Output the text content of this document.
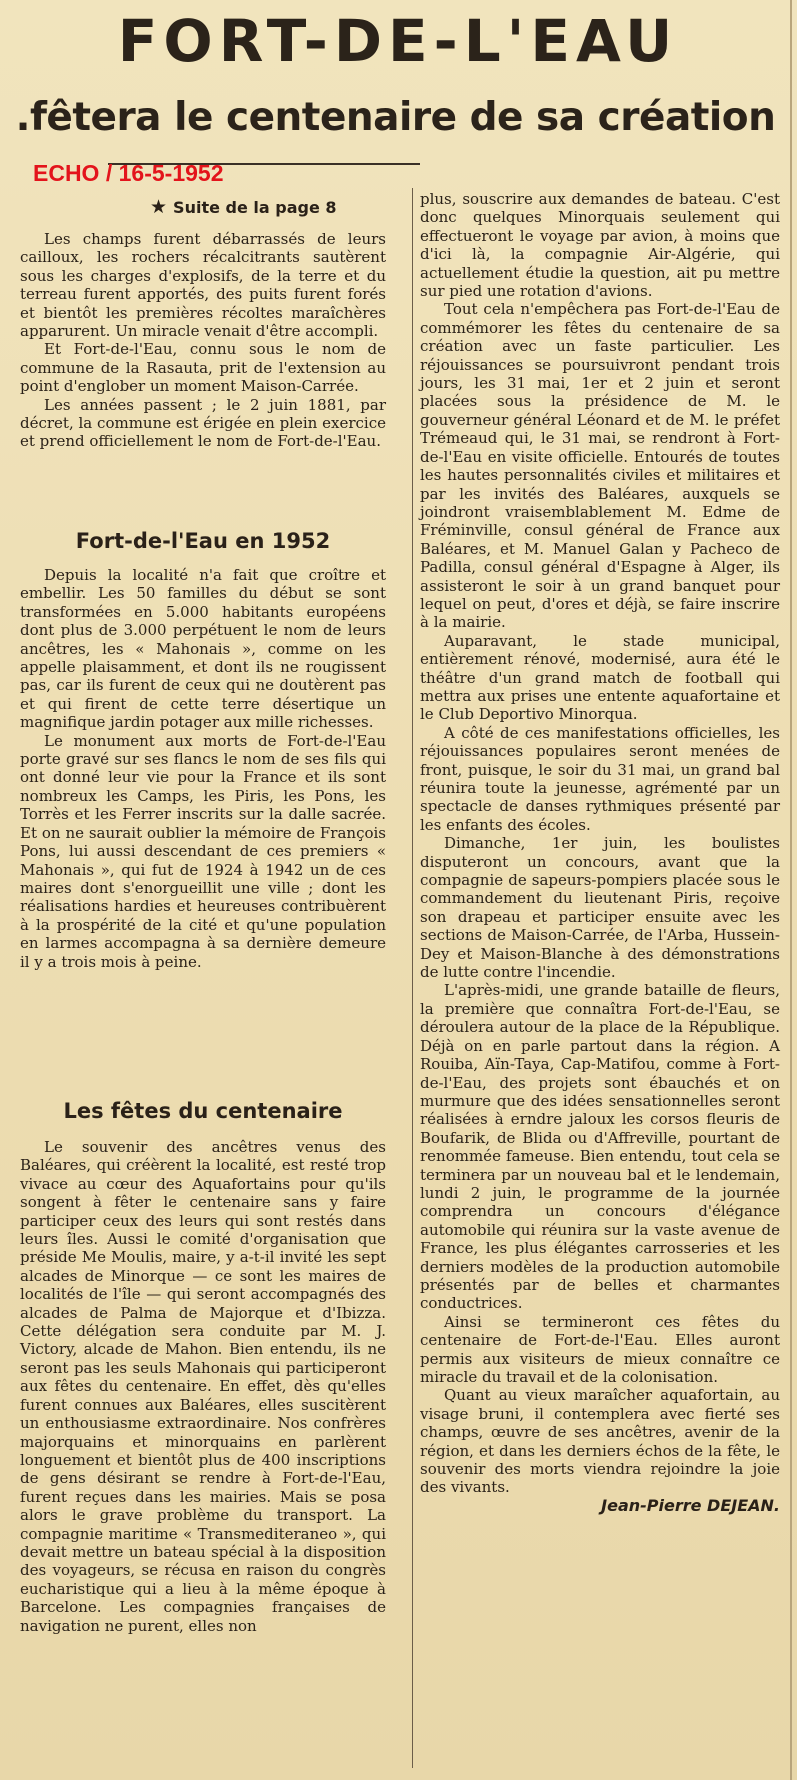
FORT-DE-L'EAU
.fêtera le centenaire de sa création
ECHO / 16-5-1952
★ Suite de la page 8

Les champs furent débarrassés de leurs cailloux, les rochers récalcitrants sautèrent sous les charges d'explosifs, de la terre et du terreau furent apportés, des puits furent forés et bientôt les premières récoltes maraîchères apparurent. Un miracle venait d'être accompli.

Et Fort-de-l'Eau, connu sous le nom de commune de la Rasauta, prit de l'extension au point d'englober un moment Maison-Carrée.

Les années passent ; le 2 juin 1881, par décret, la commune est érigée en plein exercice et prend officiellement le nom de Fort-de-l'Eau.

Fort-de-l'Eau en 1952

Depuis la localité n'a fait que croître et embellir. Les 50 familles du début se sont transformées en 5.000 habitants européens dont plus de 3.000 perpétuent le nom de leurs ancêtres, les « Mahonais », comme on les appelle plaisamment, et dont ils ne rougissent pas, car ils furent de ceux qui ne doutèrent pas et qui firent de cette terre désertique un magnifique jardin potager aux mille richesses.

Le monument aux morts de Fort-de-l'Eau porte gravé sur ses flancs le nom de ses fils qui ont donné leur vie pour la France et ils sont nombreux les Camps, les Piris, les Pons, les Torrès et les Ferrer inscrits sur la dalle sacrée. Et on ne saurait oublier la mémoire de François Pons, lui aussi descendant de ces premiers « Mahonais », qui fut de 1924 à 1942 un de ces maires dont s'enorgueillit une ville ; dont les réalisations hardies et heureuses contribuèrent à la prospérité de la cité et qu'une population en larmes accompagna à sa dernière demeure il y a trois mois à peine.

Les fêtes du centenaire

Le souvenir des ancêtres venus des Baléares, qui créèrent la localité, est resté trop vivace au cœur des Aquafortains pour qu'ils songent à fêter le centenaire sans y faire participer ceux des leurs qui sont restés dans leurs îles. Aussi le comité d'organisation que préside Me Moulis, maire, y a-t-il invité les sept alcades de Minorque — ce sont les maires de localités de l'île — qui seront accompagnés des alcades de Palma de Majorque et d'Ibizza. Cette délégation sera conduite par M. J. Victory, alcade de Mahon. Bien entendu, ils ne seront pas les seuls Mahonais qui participeront aux fêtes du centenaire. En effet, dès qu'elles furent connues aux Baléares, elles suscitèrent un enthousiasme extraordinaire. Nos confrères majorquains et minorquains en parlèrent longuement et bientôt plus de 400 inscriptions de gens désirant se rendre à Fort-de-l'Eau, furent reçues dans les mairies. Mais se posa alors le grave problème du transport. La compagnie maritime « Transmediteraneo », qui devait mettre un bateau spécial à la disposition des voyageurs, se récusa en raison du congrès eucharistique qui a lieu à la même époque à Barcelone. Les compagnies françaises de navigation ne purent, elles non

plus, souscrire aux demandes de bateau. C'est donc quelques Minorquais seulement qui effectueront le voyage par avion, à moins que d'ici là, la compagnie Air-Algérie, qui actuellement étudie la question, ait pu mettre sur pied une rotation d'avions.

Tout cela n'empêchera pas Fort-de-l'Eau de commémorer les fêtes du centenaire de sa création avec un faste particulier. Les réjouissances se poursuivront pendant trois jours, les 31 mai, 1er et 2 juin et seront placées sous la présidence de M. le gouverneur général Léonard et de M. le préfet Trémeaud qui, le 31 mai, se rendront à Fort-de-l'Eau en visite officielle. Entourés de toutes les hautes personnalités civiles et militaires et par les invités des Baléares, auxquels se joindront vraisemblablement M. Edme de Fréminville, consul général de France aux Baléares, et M. Manuel Galan y Pacheco de Padilla, consul général d'Espagne à Alger, ils assisteront le soir à un grand banquet pour lequel on peut, d'ores et déjà, se faire inscrire à la mairie.

Auparavant, le stade municipal, entièrement rénové, modernisé, aura été le théâtre d'un grand match de football qui mettra aux prises une entente aquafortaine et le Club Deportivo Minorqua.

A côté de ces manifestations officielles, les réjouissances populaires seront menées de front, puisque, le soir du 31 mai, un grand bal réunira toute la jeunesse, agrémenté par un spectacle de danses rythmiques présenté par les enfants des écoles.

Dimanche, 1er juin, les boulistes disputeront un concours, avant que la compagnie de sapeurs-pompiers placée sous le commandement du lieutenant Piris, reçoive son drapeau et participer ensuite avec les sections de Maison-Carrée, de l'Arba, Hussein-Dey et Maison-Blanche à des démonstrations de lutte contre l'incendie.

L'après-midi, une grande bataille de fleurs, la première que connaîtra Fort-de-l'Eau, se déroulera autour de la place de la République. Déjà on en parle partout dans la région. A Rouiba, Aïn-Taya, Cap-Matifou, comme à Fort-de-l'Eau, des projets sont ébauchés et on murmure que des idées sensationnelles seront réalisées à erndre jaloux les corsos fleuris de Boufarik, de Blida ou d'Affreville, pourtant de renommée fameuse. Bien entendu, tout cela se terminera par un nouveau bal et le lendemain, lundi 2 juin, le programme de la journée comprendra un concours d'élégance automobile qui réunira sur la vaste avenue de France, les plus élégantes carrosseries et les derniers modèles de la production automobile présentés par de belles et charmantes conductrices.

Ainsi se termineront ces fêtes du centenaire de Fort-de-l'Eau. Elles auront permis aux visiteurs de mieux connaître ce miracle du travail et de la colonisation.

Quant au vieux maraîcher aquafortain, au visage bruni, il contemplera avec fierté ses champs, œuvre de ses ancêtres, avenir de la région, et dans les derniers échos de la fête, le souvenir des morts viendra rejoindre la joie des vivants.

Jean-Pierre DEJEAN.
